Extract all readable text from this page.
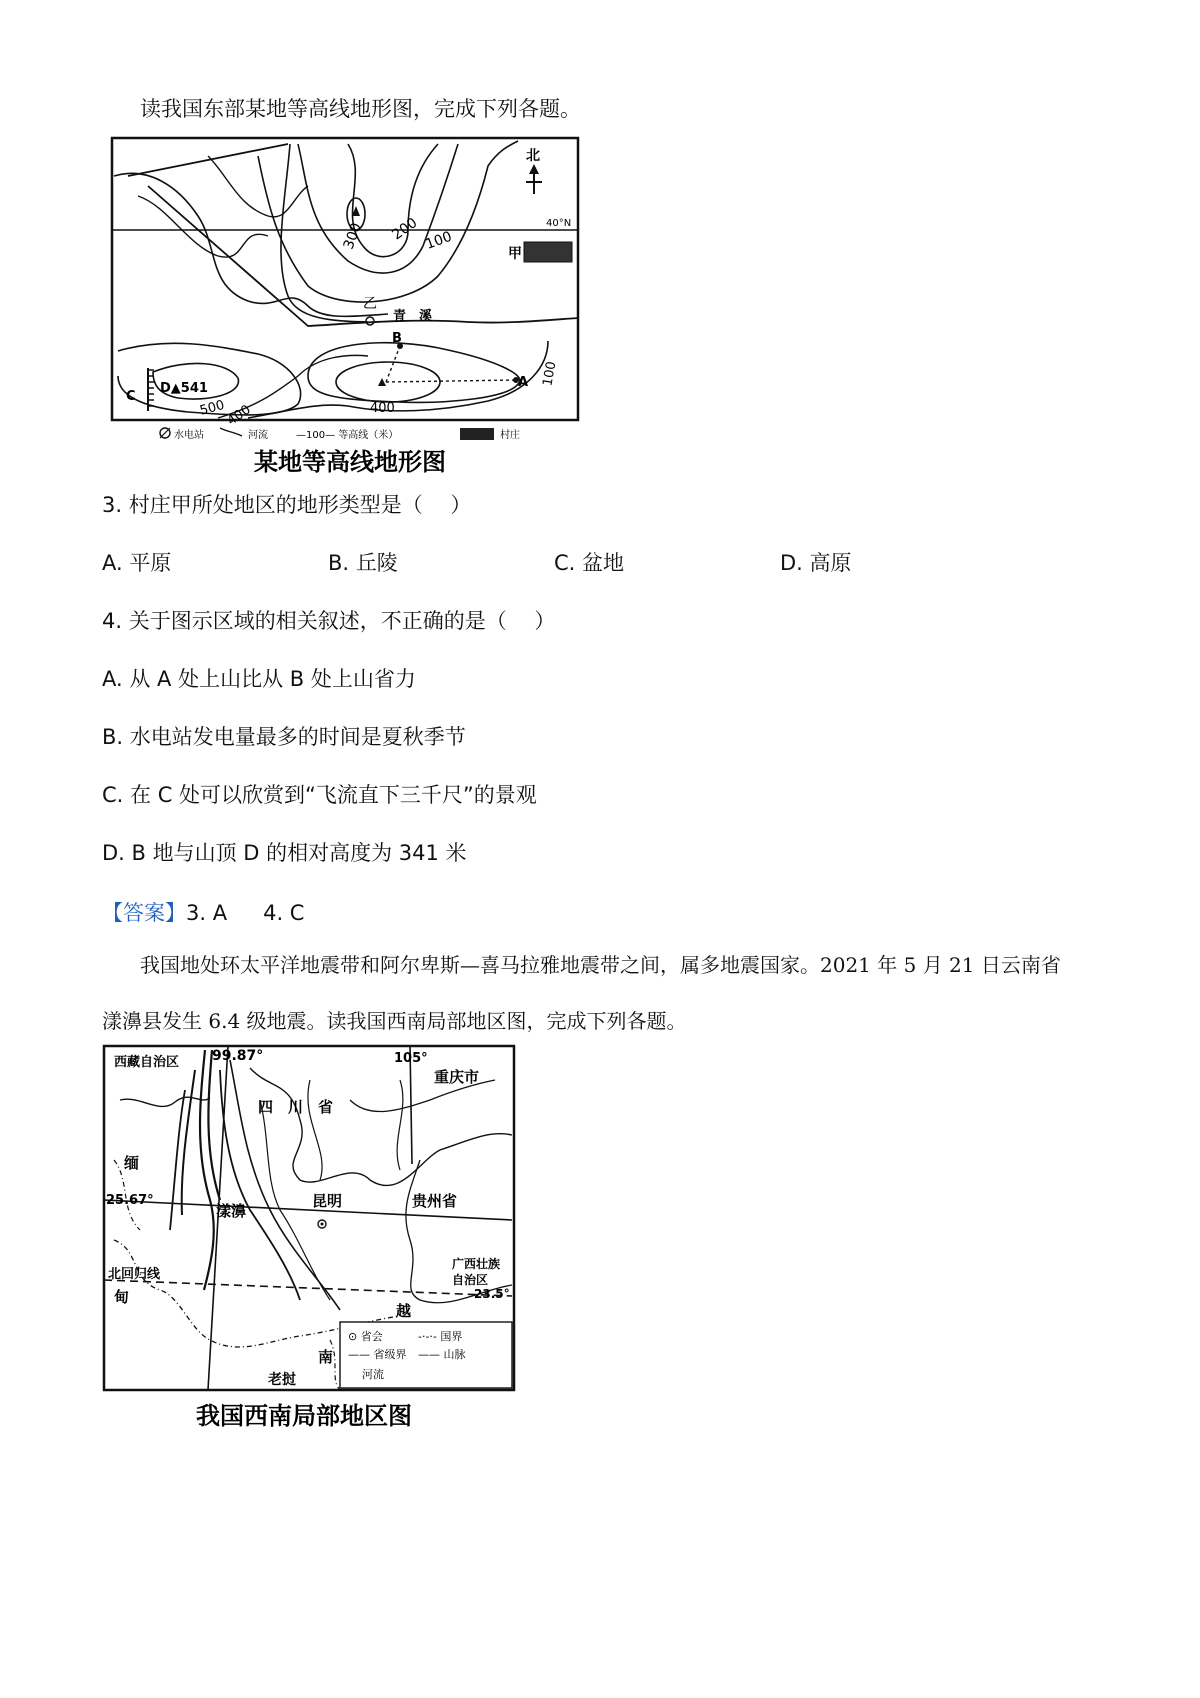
读我国东部某地等高线地形图，完成下列各题。
40°N
北
甲
乙
青　溪
300 200 100
B
A
C
D▲541
500
400	400
100
水电站	河流	—100— 等高线（米）	村庄
某地等高线地形图
3. 村庄甲所处地区的地形类型是（　 ）
A. 平原	B. 丘陵	C. 盆地	D. 高原
4. 关于图示区域的相关叙述，不正确的是（　 ）
A. 从 A 处上山比从 B 处上山省力
B. 水电站发电量最多的时间是夏秋季节
C. 在 C 处可以欣赏到“飞流直下三千尺”的景观
D. B 地与山顶 D 的相对高度为 341 米
【答案】3. A 4. C
我国地处环太平洋地震带和阿尔卑斯—喜马拉雅地震带之间，属多地震国家。2021 年 5 月 21 日云南省
漾濞县发生 6.4 级地震。读我国西南局部地区图，完成下列各题。
西藏自治区 99.87°	105°
四　川　省
重庆市
缅
25.67°
漾濞
昆明	贵州省
北回归线
甸
广西壮族
自治区
23.5°
越
南
老挝
⊙ 省会	-·-·- 国界
—— 省级界 —— 山脉
河流
我国西南局部地区图
